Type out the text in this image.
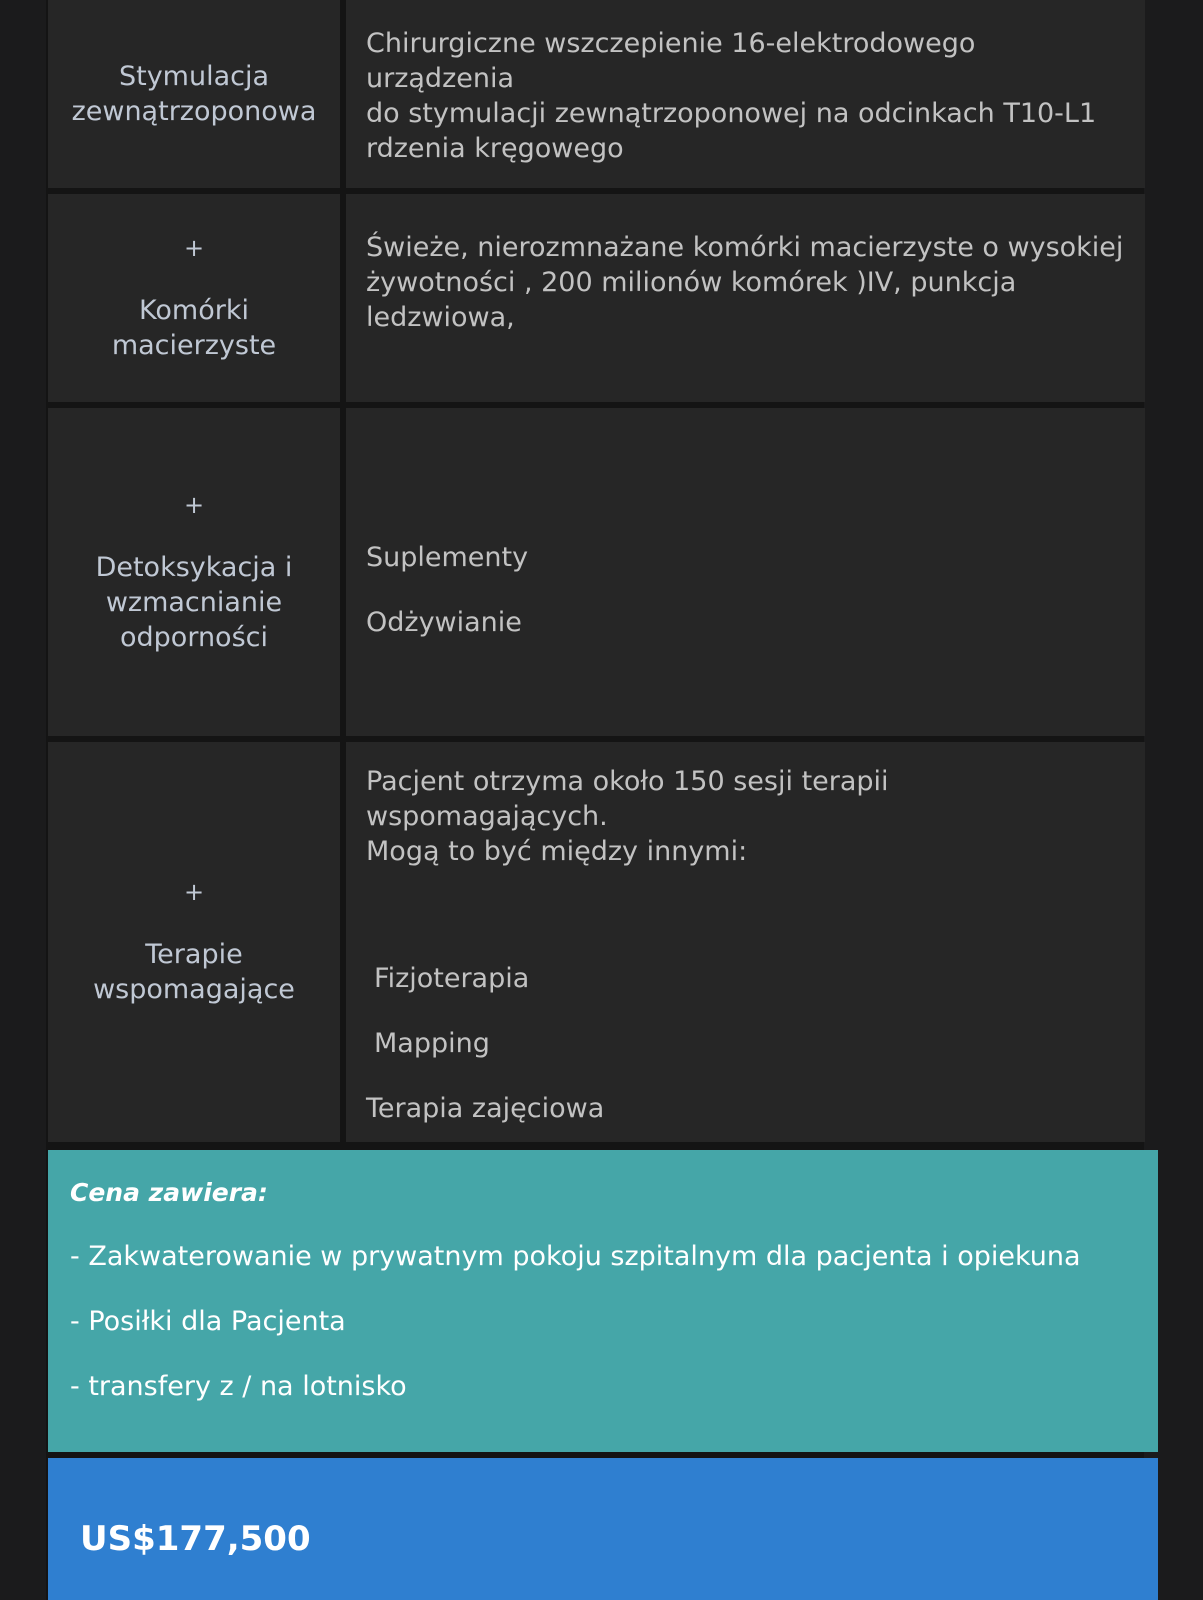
Stymulacja
zewnątrzoponowa
Chirurgiczne wszczepienie 16-elektrodowego urządzenia
do stymulacji zewnątrzoponowej na odcinkach T10-L1
rdzenia kręgowego
+
Komórki
macierzyste
Świeże, nierozmnażane komórki macierzyste o wysokiej
żywotności , 200 milionów komórek )IV, punkcja
ledzwiowa,
+
Detoksykacja i
wzmacnianie
odporności
Suplementy
Odżywianie
+
Terapie
wspomagające
Pacjent otrzyma około 150 sesji terapii wspomagających.
Mogą to być między innymi:
Fizjoterapia
Mapping
Terapia zajęciowa
Cena zawiera:
- Zakwaterowanie w prywatnym pokoju szpitalnym dla pacjenta i opiekuna
- Posiłki dla Pacjenta
- transfery z / na lotnisko
US$177,500
